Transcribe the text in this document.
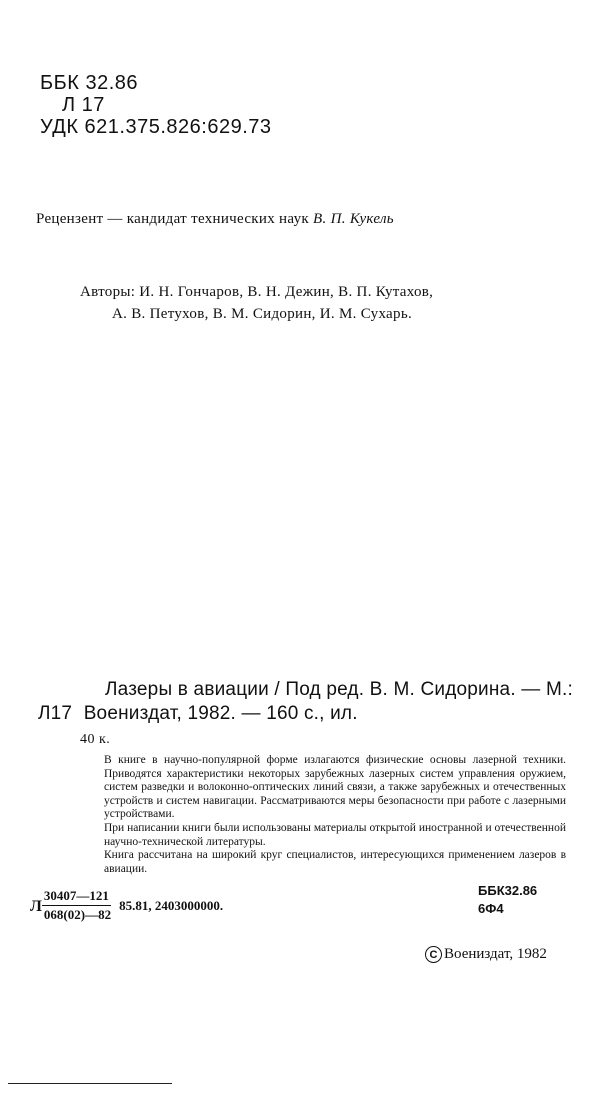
ББК 32.86
Л 17
УДК 621.375.826:629.73
Рецензент — кандидат технических наук В. П. Кукель
Авторы: И. Н. Гончаров, В. Н. Дежин, В. П. Кутахов,
А. В. Петухов, В. М. Сидорин, И. М. Сухарь.
Лазеры в авиации / Под ред. В. М. Сидорина. — М.:
Л17 Воениздат, 1982. — 160 с., ил.
40 к.

В книге в научно-популярной форме излагаются физические основы лазерной техники. Приводятся характеристики некоторых зарубежных лазерных систем управления оружием, систем разведки и волоконно-оптических линий связи, а также зарубежных и отечественных устройств и систем навигации. Рассматриваются меры безопасности при работе с лазерными устройствами.

При написании книги были использованы материалы открытой иностранной и отечественной научно-технической литературы.

Книга рассчитана на широкий круг специалистов, интересующихся применением лазеров в авиации.

Л $\frac{30407—121}{068(02)—82} 85.81$, 2403000000.
ББК32.86
6Ф4
C Воениздат, 1982
